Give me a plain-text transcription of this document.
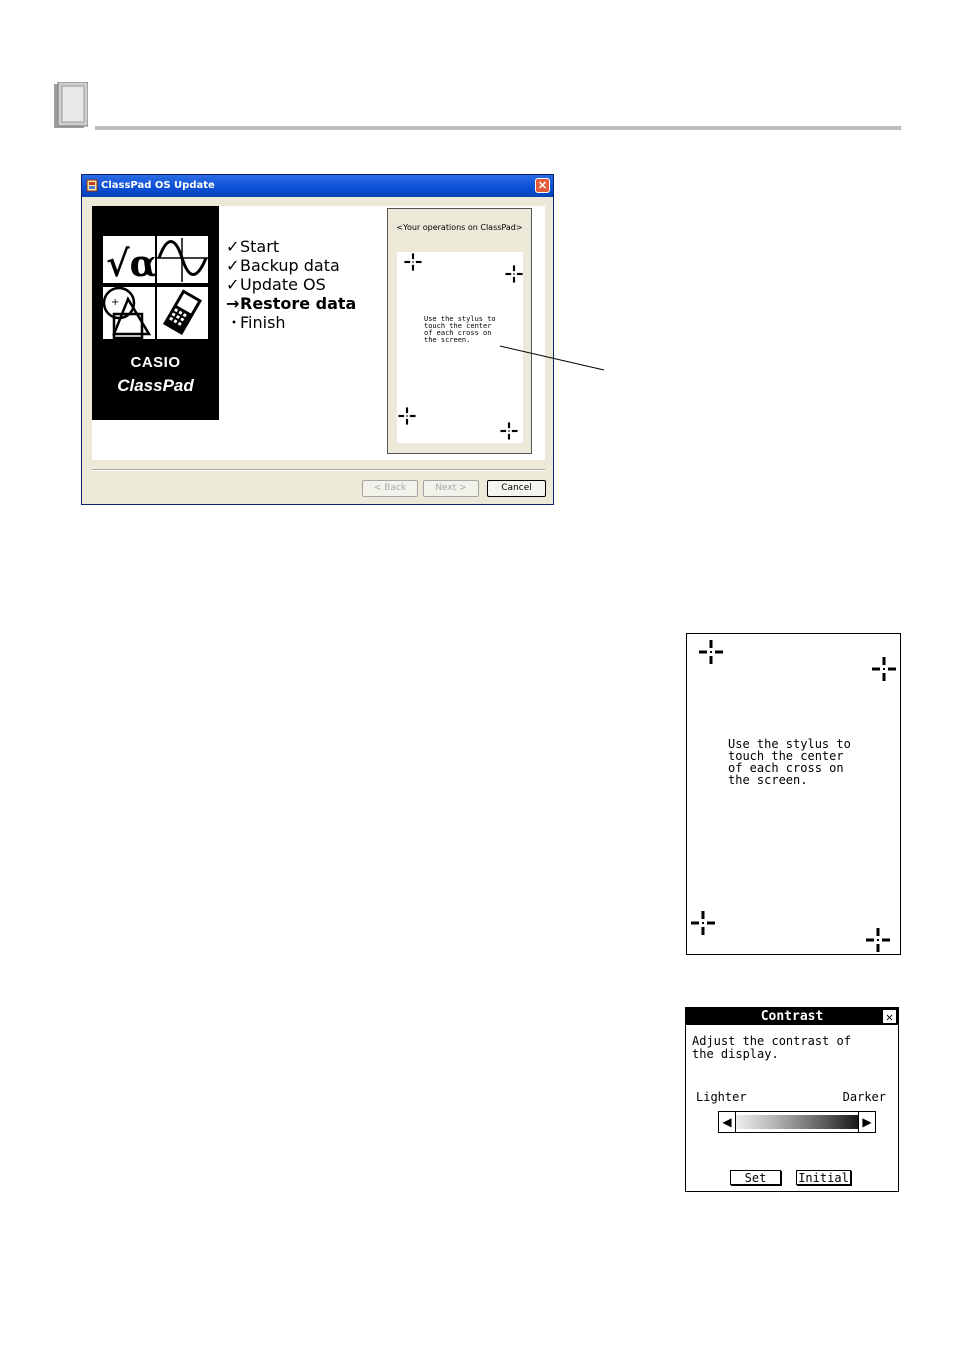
ClassPad OS Update	✕
√α
+
CASIO
ClassPad
✓Start
✓Backup data
✓Update OS
→Restore data
・Finish
<Your operations on ClassPad>
Use the stylus to
touch the center
of each cross on
the screen.
< Back	Next >	Cancel
Use the stylus to
touch the center
of each cross on
the screen.
Contrast	✕
Adjust the contrast of
the display.
Lighter	Darker
◀	▶
Set	Initial
